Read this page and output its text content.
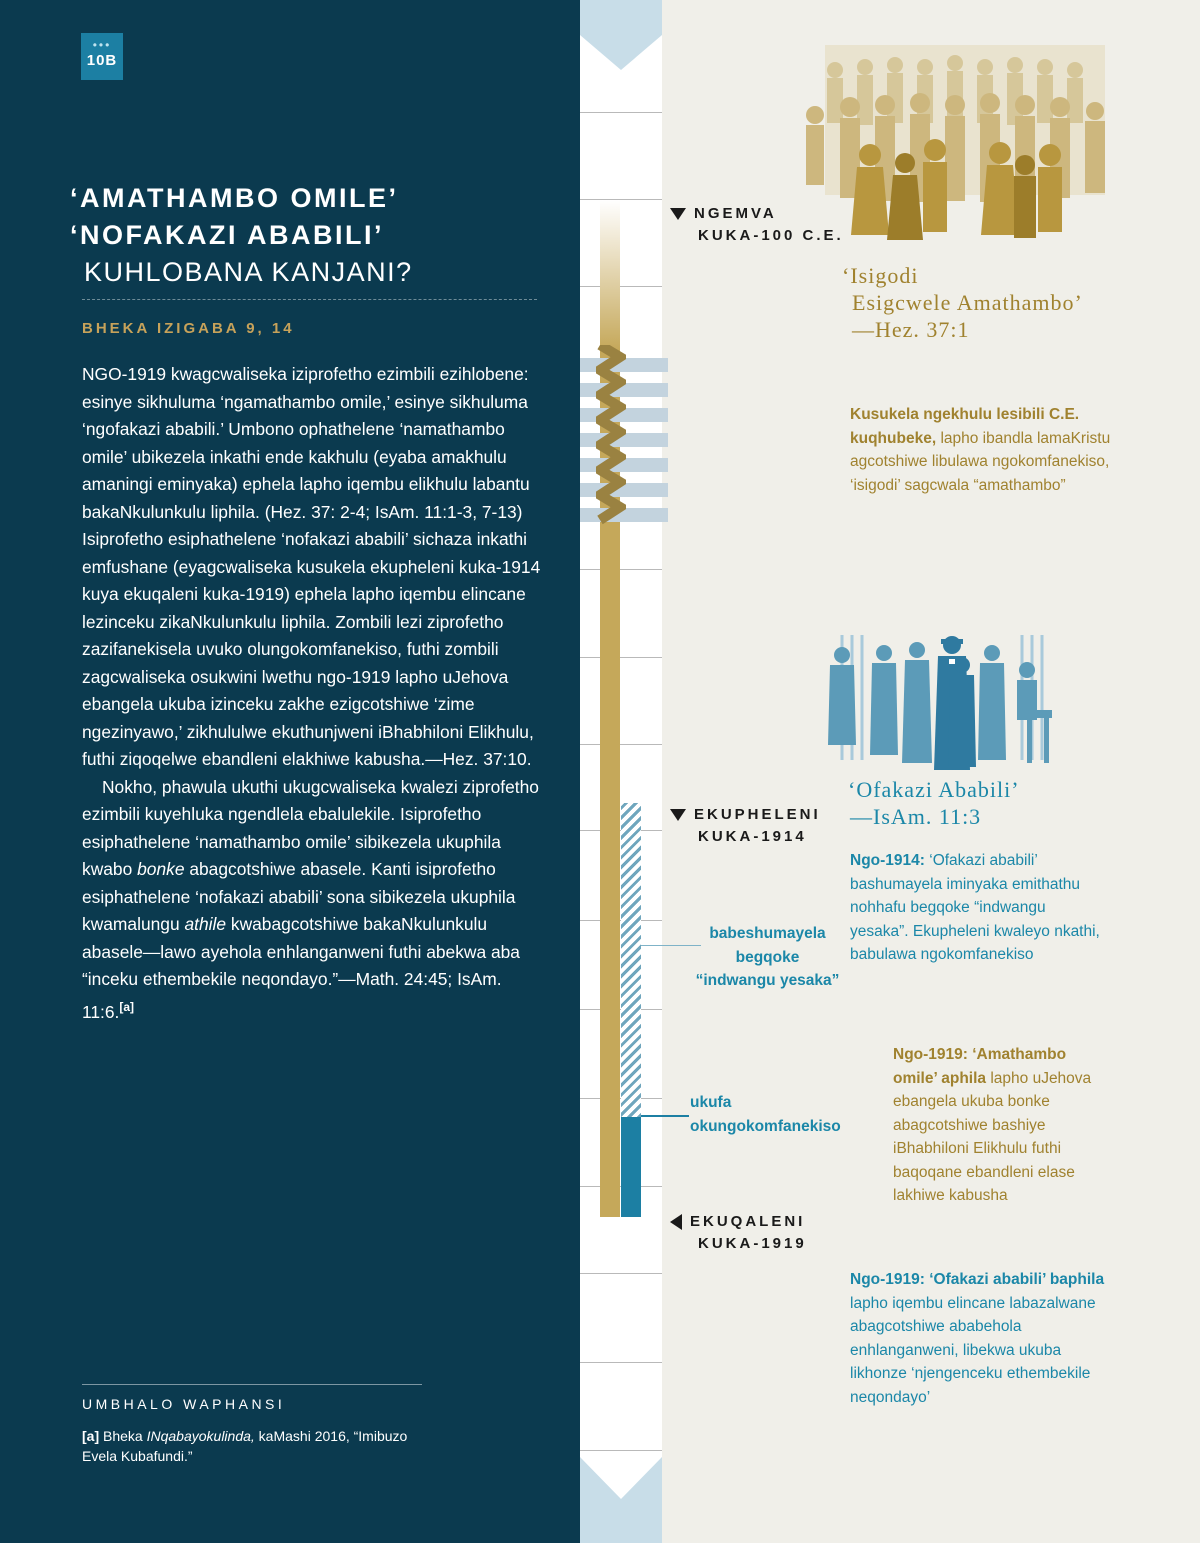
•••
10B
‘AMATHAMBO OMILE’
‘NOFAKAZI ABABILI’
KUHLOBANA KANJANI?
BHEKA IZIGABA 9, 14

NGO-1919 kwagcwaliseka iziprofetho ezimbili ezihlobene: esinye sikhuluma ‘ngamathambo omile,’ esinye sikhuluma ‘ngofakazi ababili.’ Umbono ophathelene ‘namathambo omile’ ubikezela inkathi ende kakhulu (eyaba amakhulu amaningi eminyaka) ephela lapho iqembu elikhulu labantu bakaNkulunkulu liphila. (Hez. 37: 2-4; IsAm. 11:1-3, 7-13) Isiprofetho esiphathelene ‘nofakazi ababili’ sichaza inkathi emfushane (eyagcwaliseka kusukela ekupheleni kuka-1914 kuya ekuqaleni kuka-1919) ephela lapho iqembu elincane lezinceku zikaNkulunkulu liphila. Zombili lezi ziprofetho zazifanekisela uvuko olungokomfanekiso, futhi zombili zagcwaliseka osukwini lwethu ngo-1919 lapho uJehova ebangela ukuba izinceku zakhe ezigcotshiwe ‘zime ngezinyawo,’ zikhululwe ekuthunjweni iBhabhiloni Elikhulu, futhi ziqoqelwe ebandleni elakhiwe kabusha.—Hez. 37:10.

Nokho, phawula ukuthi ukugcwaliseka kwalezi ziprofetho ezimbili kuyehluka ngendlela ebalulekile. Isiprofetho esiphathelene ‘namathambo omile’ sibikezela ukuphila kwabo bonke abagcotshiwe abasele. Kanti isiprofetho esiphathelene ‘nofakazi ababili’ sona sibikezela ukuphila kwamalungu athile kwabagcotshiwe bakaNkulunkulu abasele—lawo ayehola enhlanganweni futhi abekwa aba “inceku ethembekile neqondayo.”—Math. 24:45; IsAm. 11:6.[a]

UMBHALO WAPHANSI
[a] Bheka INqabayokulinda, kaMashi 2016, “Imibuzo Evela Kubafundi.”
NGEMVA
KUKA-100 C.E.
EKUPHELENI
KUKA-1914
EKUQALENI
KUKA-1919
‘Isigodi
Esigcwele Amathambo’
—Hez. 37:1
Kusukela ngekhulu lesibili C.E. kuqhubeke, lapho ibandla lamaKristu agcotshiwe libulawa ngokomfanekiso, ‘isigodi’ sagcwala “amathambo”
‘Ofakazi Ababili’
—IsAm. 11:3
Ngo-1914: ‘Ofakazi ababili’ bashumayela iminyaka emithathu nohhafu begqoke “indwangu yesaka”. Ekupheleni kwaleyo nkathi, babulawa ngokomfanekiso
babeshumayela begqoke “indwangu yesaka”
ukufa okungokomfanekiso
Ngo-1919: ‘Amathambo omile’ aphila lapho uJehova ebangela ukuba bonke abagcotshiwe bashiye iBhabhiloni Elikhulu futhi baqoqane ebandleni elase lakhiwe kabusha
Ngo-1919: ‘Ofakazi ababili’ baphila lapho iqembu elincane labazalwane abagcotshiwe ababehola enhlanganweni, libekwa ukuba likhonze ‘njengenceku ethembekile neqondayo’
